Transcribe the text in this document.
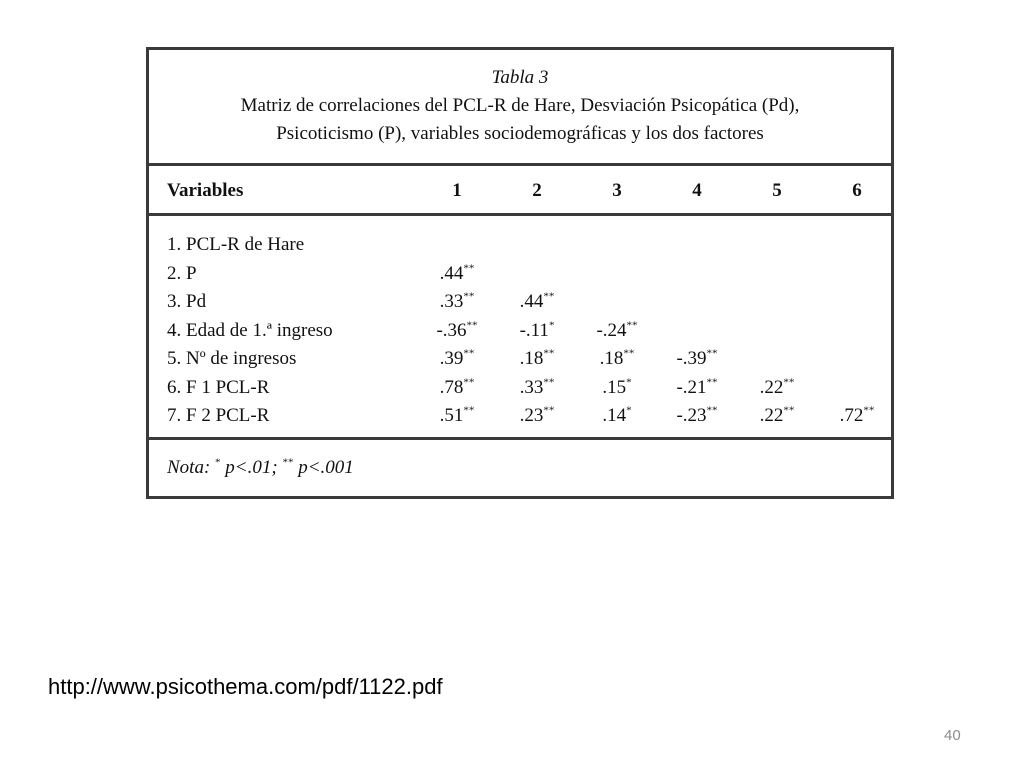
Tabla 3
Matriz de correlaciones del PCL-R de Hare, Desviación Psicopática (Pd),
Psicoticismo (P), variables sociodemográficas y los dos factores
Variables	1	2	3	4	5	6
1. PCL-R de Hare
2. P	.44**
3. Pd	.33**	.44**
4. Edad de 1.ª ingreso	-.36**	-.11*	-.24**
5. Nº de ingresos	.39**	.18**	.18**	-.39**
6. F 1 PCL-R	.78**	.33**	.15*	-.21**	.22**
7. F 2 PCL-R	.51**	.23**	.14*	-.23**	.22**	.72**
Nota: * p<.01; ** p<.001
http://www.psicothema.com/pdf/1122.pdf
40
